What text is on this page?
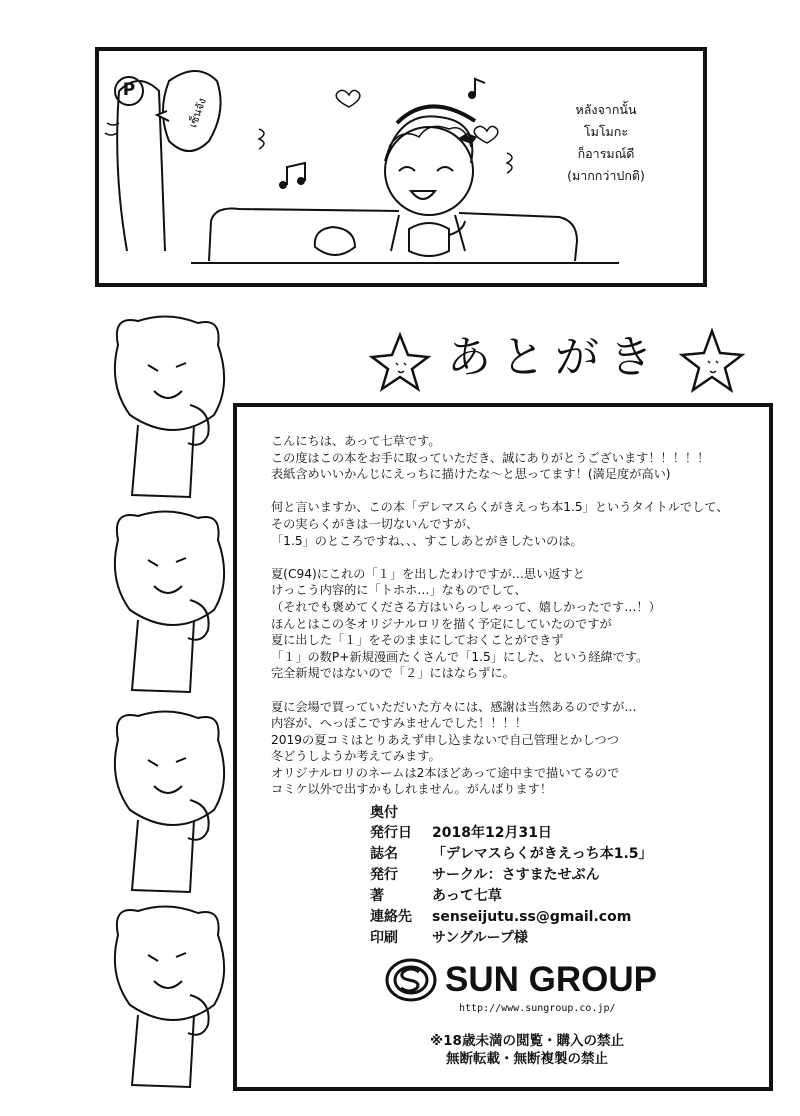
P
เซ็นจัง	หลังจากนั้น
โมโมกะ
ก็อารมณ์ดี
(มากกว่าปกติ)
あとがき
こんにちは、あって七草です。
この度はこの本をお手に取っていただき、誠にありがとうございます！！！！！
表紙含めいいかんじにえっちに描けたな～と思ってます！(満足度が高い)
何と言いますか、この本「デレマスらくがきえっち本1.5」というタイトルでして、
その実らくがきは一切ないんですが、
「1.5」のところですね、、、すこしあとがきしたいのは。
夏(C94)にこれの「１」を出したわけですが…思い返すと
けっこう内容的に「トホホ…」なものでして、
（それでも褒めてくださる方はいらっしゃって、嬉しかったです…！）
ほんとはこの冬オリジナルロリを描く予定にしていたのですが
夏に出した「１」をそのままにしておくことができず
「１」の数P+新規漫画たくさんで「1.5」にした、という経緯です。
完全新規ではないので「２」にはならずに。
夏に会場で買っていただいた方々には、感謝は当然あるのですが…
内容が、へっぽこですみませんでした！！！！
2019の夏コミはとりあえず申し込まないで自己管理とかしつつ
冬どうしようか考えてみます。
オリジナルロリのネームは2本ほどあって途中まで描いてるので
コミケ以外で出すかもしれません。がんばります！
奥付
発行日	2018年12月31日
誌名	「デレマスらくがきえっち本1.5」
発行	サークル：さすまたせぶん
著	あって七草
連絡先	senseijutu.ss@gmail.com
印刷	サングループ様
SUN GROUP
http://www.sungroup.co.jp/
※18歳未満の閲覧・購入の禁止
無断転載・無断複製の禁止
